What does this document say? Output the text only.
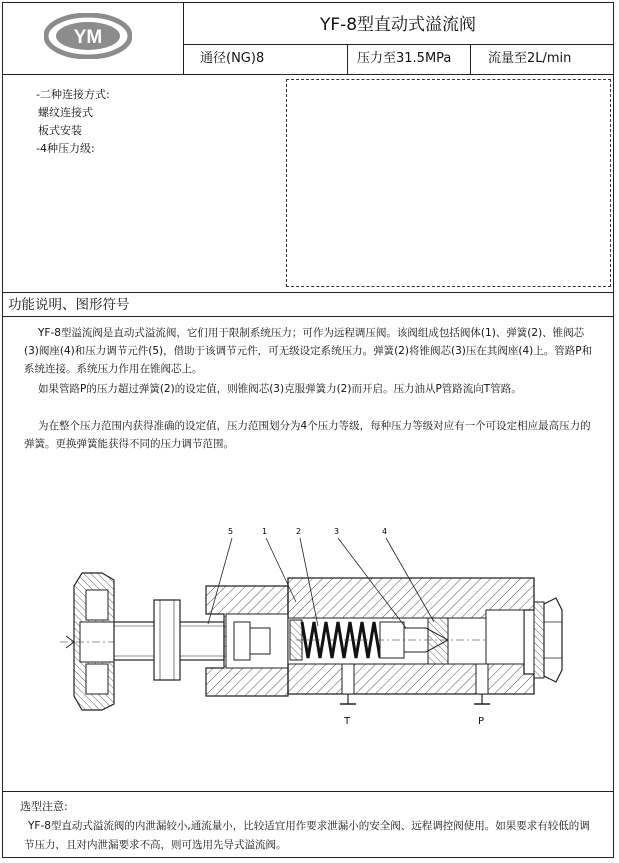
YM
YF-8型直动式溢流阀
通径(NG)8	压力至31.5MPa	流量至2L/min
-二种连接方式:
螺纹连接式
板式安装
-4种压力级:
功能说明、图形符号
YF-8型溢流阀是直动式溢流阀，它们用于限制系统压力；可作为远程调压阀。该阀组成包括阀体(1)、弹簧(2)、锥阀芯(3)阀座(4)和压力调节元件(5)，借助于该调节元件，可无级设定系统压力。弹簧(2)将锥阀芯(3)压在其阀座(4)上。管路P和系统连接。系统压力作用在锥阀芯上。
如果管路P的压力超过弹簧(2)的设定值，则锥阀芯(3)克服弹簧力(2)而开启。压力油从P管路流向T管路。
为在整个压力范围内获得准确的设定值，压力范围划分为4个压力等级，每种压力等级对应有一个可设定相应最高压力的弹簧。更换弹簧能获得不同的压力调节范围。
T	P
5	1	2	3	4
选型注意:
YF-8型直动式溢流阀的内泄漏较小,通流量小，比较适宜用作要求泄漏小的安全阀、远程调控阀使用。如果要求有较低的调节压力，且对内泄漏要求不高，则可选用先导式溢流阀。
